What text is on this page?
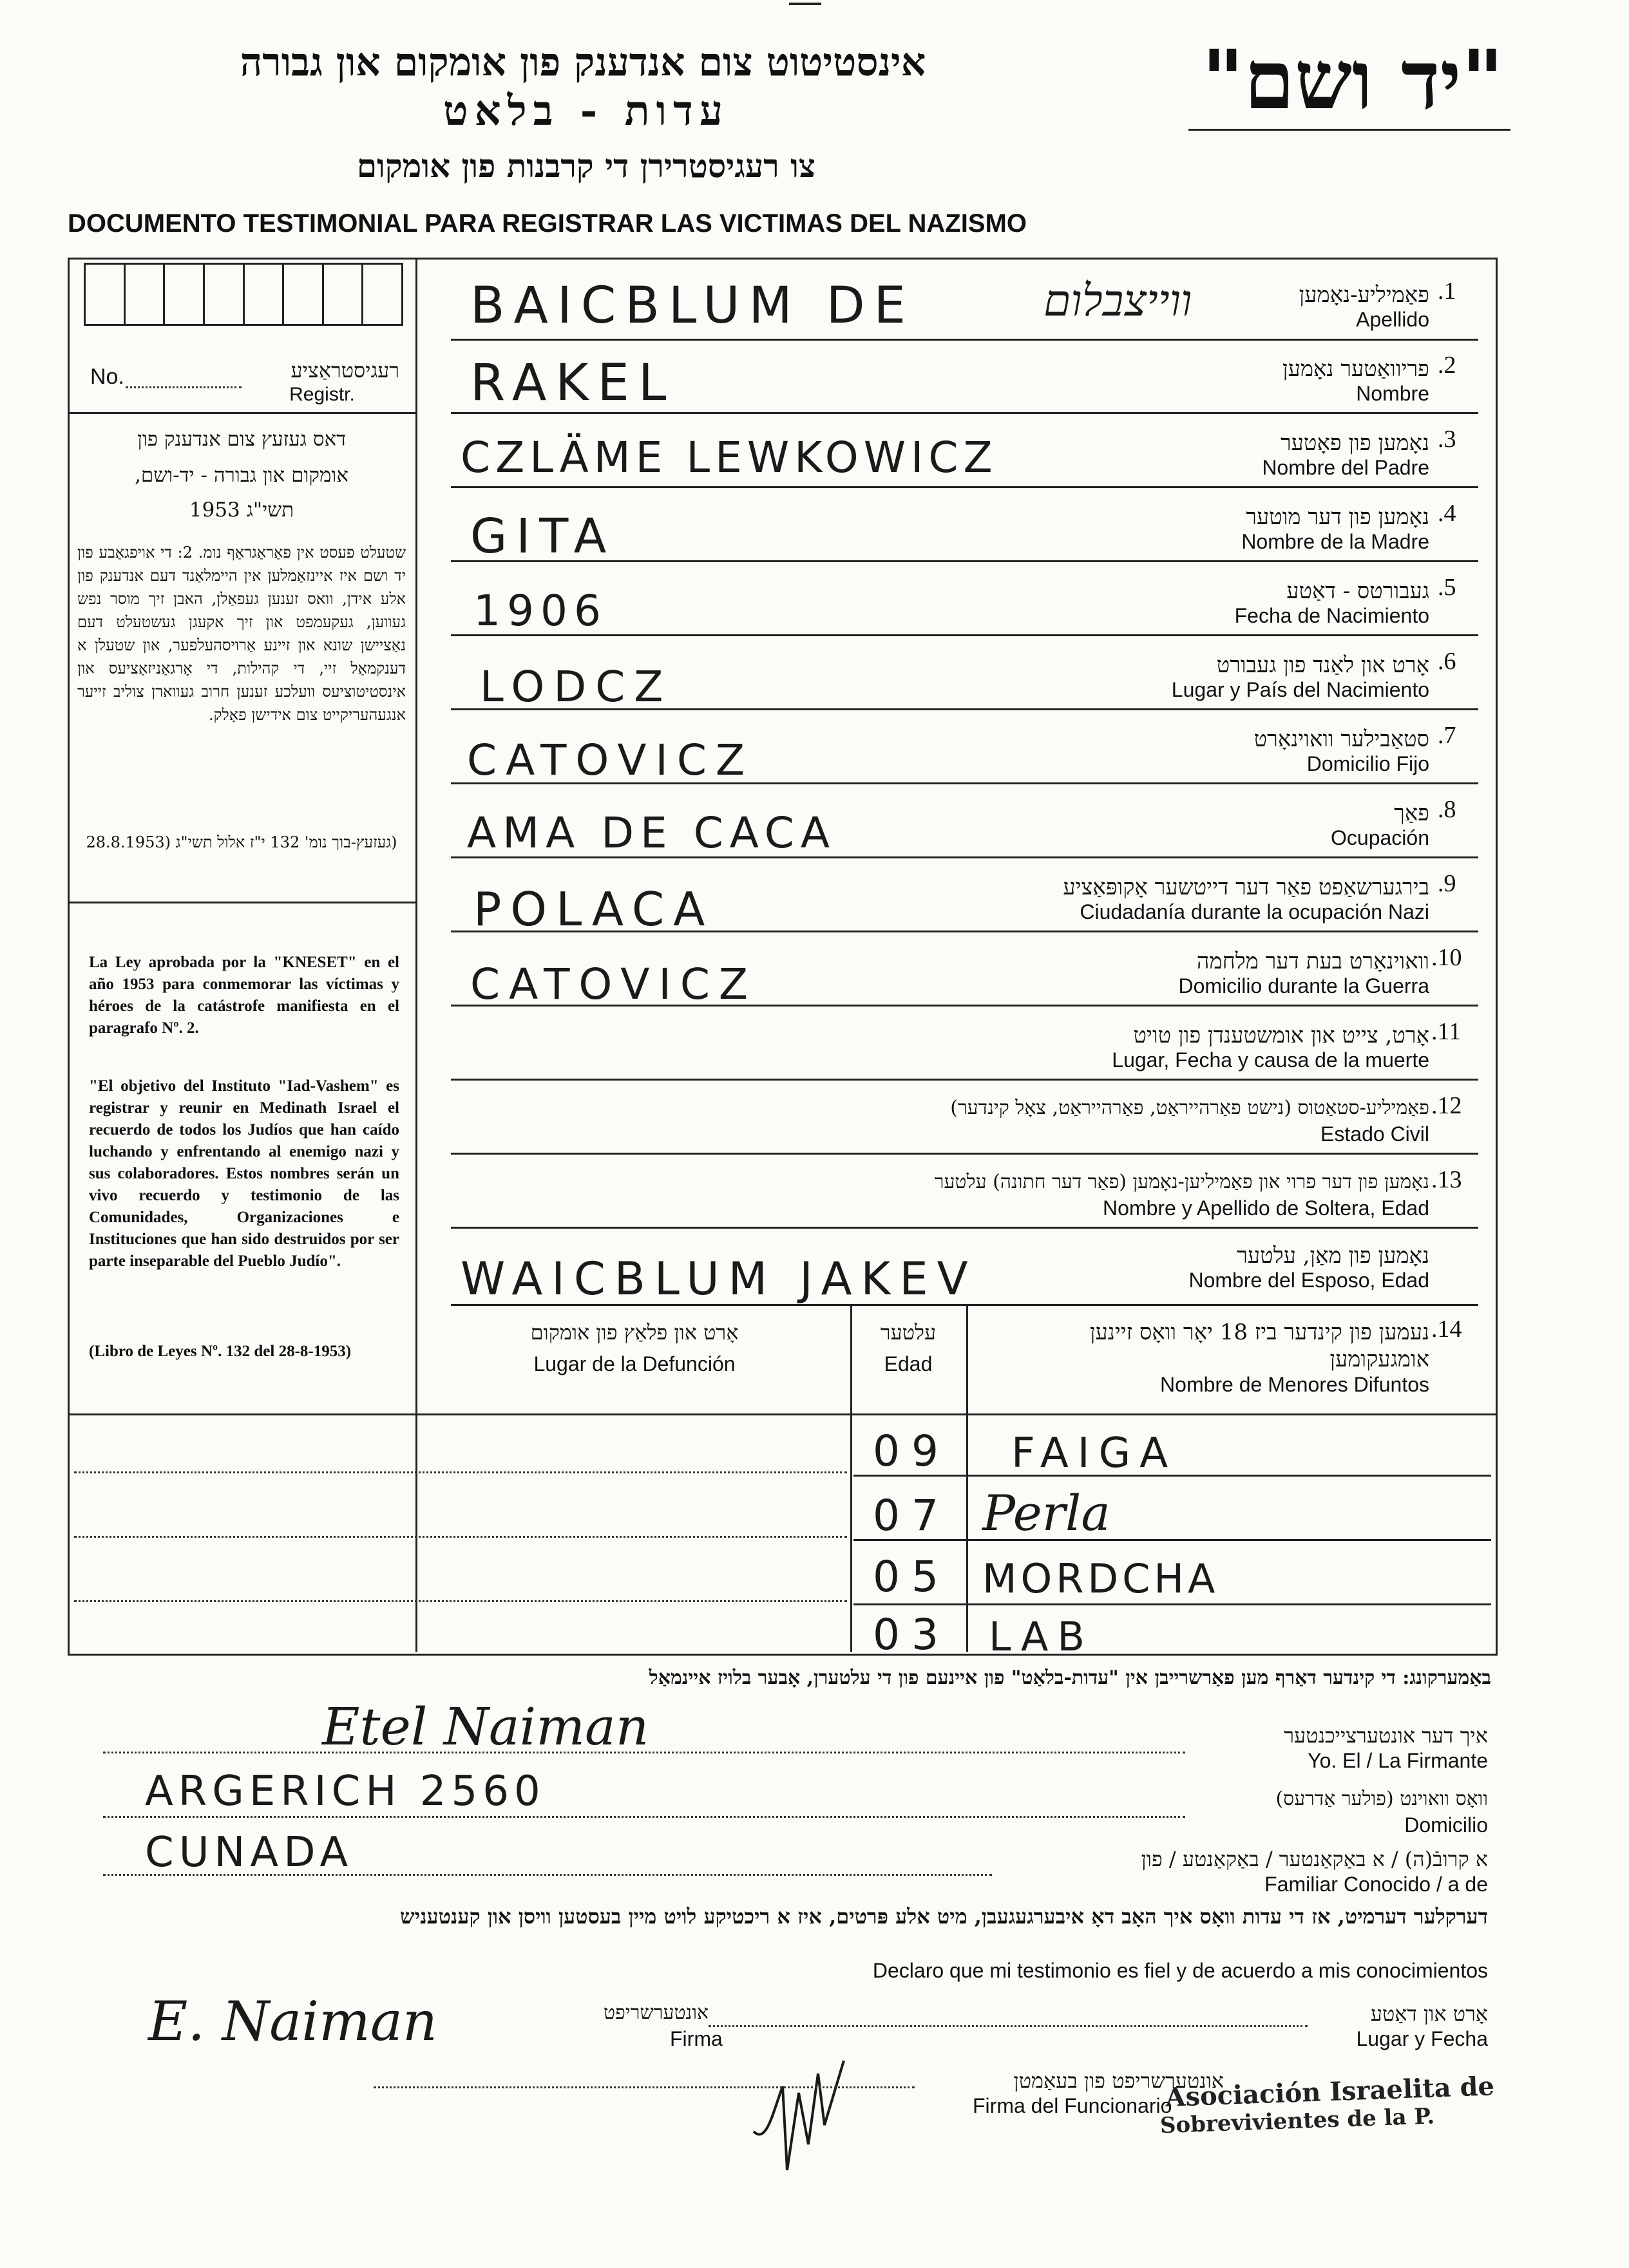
אינסטיטוט צום אנדענק פון אומקום און גבורה
עדות - בלאט
צו רעגיסטרירן די קרבנות פון אומקום
"יד ושם"
DOCUMENTO TESTIMONIAL PARA REGISTRAR LAS VICTIMAS DEL NAZISMO
No.	רעגיסטראַציע
Registr.
דאס געזעץ צום אנדענק פון
אומקום און גבורה - יד-ושם,
תשי"ג 1953
שטעלט פעסט אין פאַראַגראַף נומ. 2: די אויפגאַבע פון יד ושם איז איינזאַמלען אין היימלאַנד דעם אנדענק פון אלע אידן, וואס זענען געפאַלן, האבן זיך מוסר נפש געווען, געקעמפט און זיך אקעגן געשטעלט דעם נאַציישן שונא און זיינע אַרויסהעלפער, און שטעלן א דענקמאַל זיי, די קהילות, די אָרגאַניזאַציעס און אינסטיטוציעס וועלכע זענען חרוב געווארן צוליב זייער אנגעהעריקייט צום אידישן פאָלק.
(געזעץ-בוך נומ' 132 י"ז אלול תשי"ג (28.8.1953
La Ley aprobada por la "KNESET" en el año 1953 para conmemorar las víctimas y héroes de la catástrofe manifiesta en el paragrafo Nº. 2.
"El objetivo del Instituto "Iad-Vashem" es registrar y reunir en Medinath Israel el recuerdo de todos los Judíos que han caído luchando y enfrentando al enemigo nazi y sus colaboradores. Estos nombres serán un vivo recuerdo y testimonio de las Comunidades, Organizaciones e Instituciones que han sido destruidos por ser parte inseparable del Pueblo Judío".
(Libro de Leyes Nº. 132 del 28-8-1953)
.1
פאַמיליע-נאָמען
Apellido
BAICBLUM DE	ווייצבלום
.2
פריוואַטער נאָמען
Nombre
RAKEL
.3
נאָמען פון פאָטער
Nombre del Padre
CZLÄME LEWKOWICZ
.4
נאָמען פון דער מוטער
Nombre de la Madre
GITA
.5
געבורטס - דאַטע
Fecha de Nacimiento
1906
.6
אָרט און לאַנד פון געבורט
Lugar y País del Nacimiento
LODCZ
.7
סטאַבילער וואוינאָרט
Domicilio Fijo
CATOVICZ
.8
פאַך
Ocupación
AMA DE CACA
.9
בירגערשאַפט פאַר דער דייטשער אָקופּאַציע
Ciudadanía durante la ocupación Nazi
POLACA
.10
וואוינאָרט בעת דער מלחמה
Domicilio durante la Guerra
CATOVICZ
.11
אָרט, צייט און אומשטענדן פון טויט
Lugar, Fecha y causa de la muerte
.12
פאַמיליע-סטאַטוס (נישט פאַרהייראַט, פאַרהייראַט, צאָל קינדער)
Estado Civil
.13
נאָמען פון דער פרוי און פאַמיליען-נאָמען (פאַר דער חתונה) עלטער
Nombre y Apellido de Soltera, Edad
נאָמען פון מאַן, עלטער
Nombre del Esposo, Edad
WAICBLUM JAKEV
.14
נעמען פון קינדער ביז 18 יאָר וואָס זיינען אומגעקומען
Nombre de Menores Difuntos
עלטער
Edad
אָרט און פלאַץ פון אומקום
Lugar de la Defunción
09 FAIGA
07 Perla
05 MORDCHA
03 LAB
באַמערקונג: די קינדער דאַרף מען פאַרשרייבן אין "עדות-בלאַט" פון איינעם פון די עלטערן, אָבער בלויז איינמאַל
Etel Naiman	איך דער אונטערצייכנטער
Yo. El / La Firmante
ARGERICH 2560	וואָס וואוינט (פולער אַדרעס)
Domicilio
CUNADA	א קרובֿ(ה) / א באַקאַנטער / באַקאַנטע / פון
Familiar Conocido / a de
דערקלער דערמיט, אז די עדות וואָס איך האָב דאָ איבערגעגעבן, מיט אלע פּרטים, איז א ריכטיקע לויט מיין בעסטען וויסן און קענטעניש
Declaro que mi testimonio es fiel y de acuerdo a mis conocimientos
E. Naiman	אונטערשריפט
Firma
אָרט און דאַטע
Lugar y Fecha
אונטערשריפט פון בעאַמטן
Firma del Funcionario
Asociación Israelita de
Sobrevivientes de la P.
